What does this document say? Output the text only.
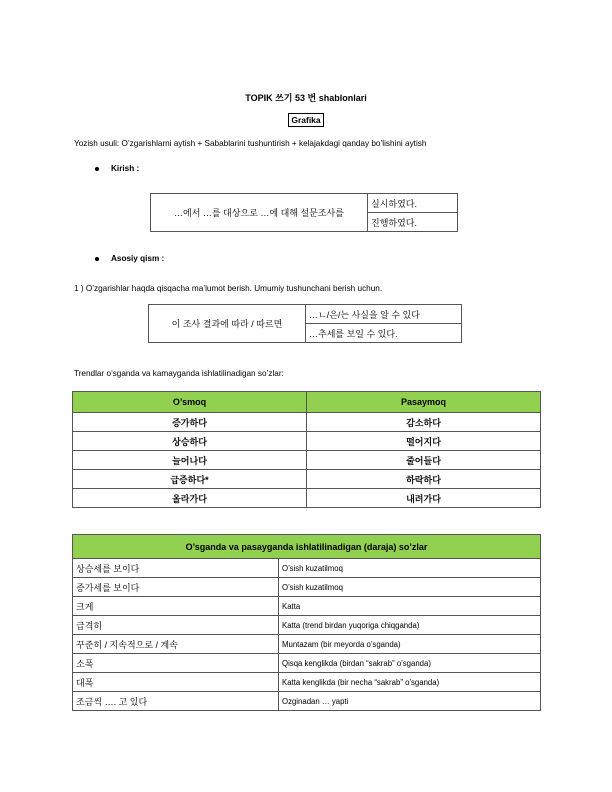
TOPIK 쓰기 53 번 shablonlari
Grafika
Yozish usuli: O’zgarishlarni aytish + Sabablarini tushuntirish + kelajakdagi qanday bo’lishini aytish
Kirish :
…에서 …를 대상으로 …에 대해 설문조사를	실시하였다.
진행하였다.
Asosiy qism :
1 ) O’zgarishlar haqda qisqacha ma’lumot berish. Umumiy tushunchani berish uchun.
이 조사 결과에 따라 / 따르면	…ㄴ/은/는 사실을 알 수 있다
…추세를 보일 수 있다.
Trendlar o’sganda va kamayganda ishlatilinadigan so’zlar:
O’smoq	Pasaymoq
증가하다	감소하다
상승하다	떨어지다
늘어나다	줄어들다
급증하다*	하락하다
올라가다	내려가다
O’sganda va pasayganda ishlatilinadigan (daraja) so’zlar	
상승세를 보이다	O’sish kuzatilmoq
증가세를 보이다	O’sish kuzatilmoq
크게	Katta
급격히	Katta (trend birdan yuqoriga chiqganda)
꾸준히 / 지속적으로 / 계속	Muntazam (bir meyorda o’sganda)
소폭	Qisqa kenglikda (birdan “sakrab” o’sganda)
대폭	Katta kenglikda (bir necha “sakrab” o’sganda)
조금씩 …. 고 있다	Ozginadan … yapti
